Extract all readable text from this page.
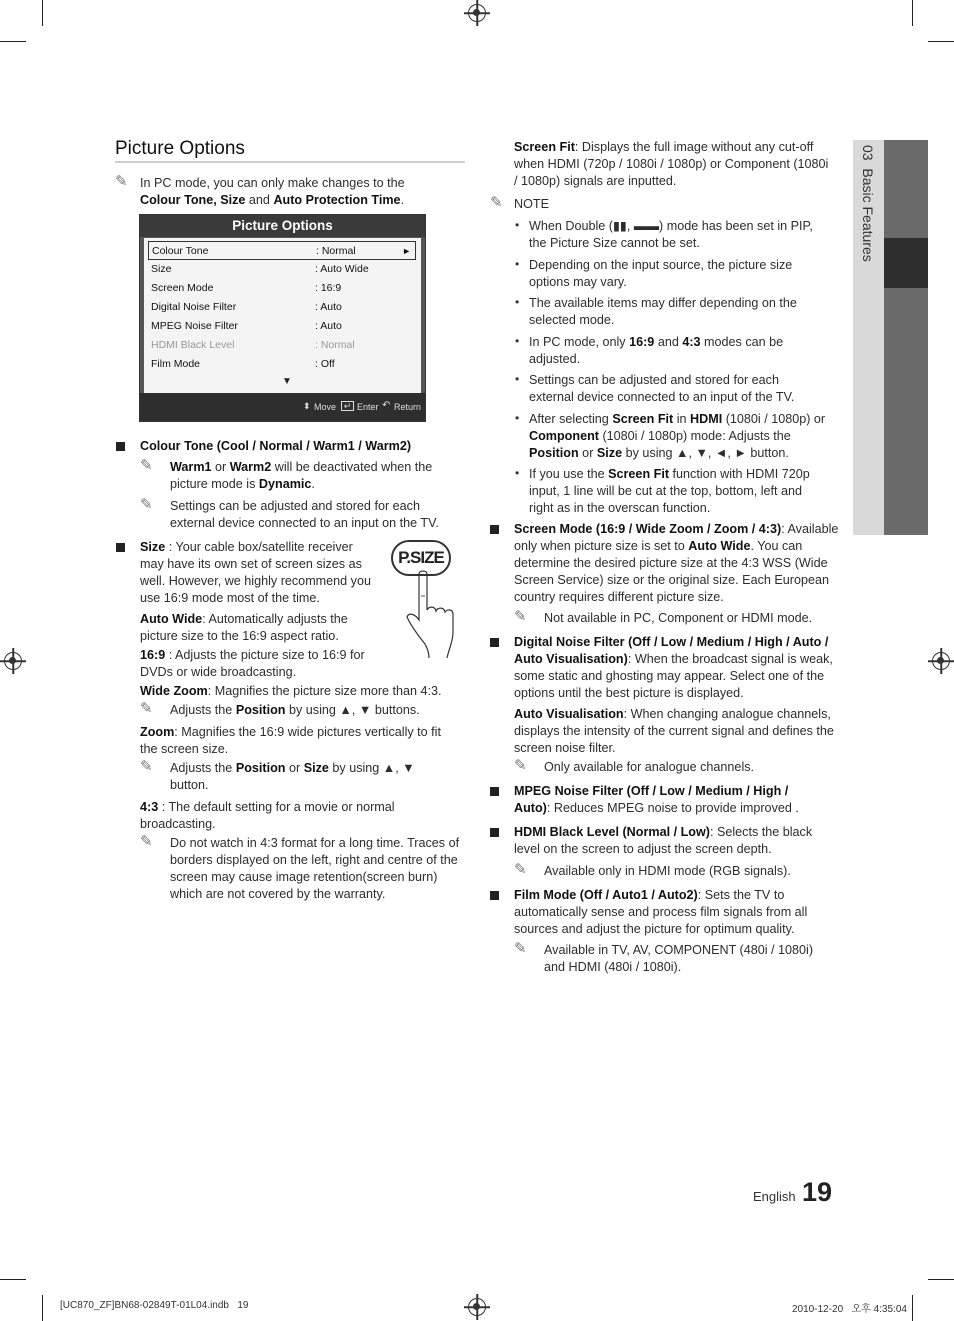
03  Basic Features
Picture Options
✎ In PC mode, you can only make changes to the Colour Tone, Size and Auto Protection Time.
Picture Options
Colour Tone	: Normal	►
Size	: Auto Wide
Screen Mode	: 16:9
Digital Noise Filter	: Auto
MPEG Noise Filter	: Auto
HDMI Black Level	: Normal
Film Mode	: Off
▼
⬍ Move ↵ Enter ↶ Return
Colour Tone (Cool / Normal / Warm1 / Warm2)
✎ Warm1 or Warm2 will be deactivated when the picture mode is Dynamic.
✎ Settings can be adjusted and stored for each external device connected to an input on the TV.
Size : Your cable box/satellite receiver may have its own set of screen sizes as well. However, we highly recommend you use 16:9 mode most of the time.
P.SIZE
Auto Wide: Automatically adjusts the picture size to the 16:9 aspect ratio.
16:9 : Adjusts the picture size to 16:9 for DVDs or wide broadcasting.
Wide Zoom: Magnifies the picture size more than 4:3.
✎ Adjusts the Position by using ▲, ▼ buttons.
Zoom: Magnifies the 16:9 wide pictures vertically to fit the screen size.
✎ Adjusts the Position or Size by using ▲, ▼ button.
4:3 : The default setting for a movie or normal broadcasting.
✎ Do not watch in 4:3 format for a long time. Traces of borders displayed on the left, right and centre of the screen may cause image retention(screen burn) which are not covered by the warranty.
Screen Fit: Displays the full image without any cut-off when HDMI (720p / 1080i / 1080p) or Component (1080i / 1080p) signals are inputted.
✎ NOTE
• When Double (▮▮, ▬▬) mode has been set in PIP, the Picture Size cannot be set.
• Depending on the input source, the picture size options may vary.
• The available items may differ depending on the selected mode.
• In PC mode, only 16:9 and 4:3 modes can be adjusted.
• Settings can be adjusted and stored for each external device connected to an input of the TV.
• After selecting Screen Fit in HDMI (1080i / 1080p) or Component (1080i / 1080p) mode: Adjusts the Position or Size by using ▲, ▼, ◄, ► button.
• If you use the Screen Fit function with HDMI 720p input, 1 line will be cut at the top, bottom, left and right as in the overscan function.
Screen Mode (16:9 / Wide Zoom / Zoom / 4:3): Available only when picture size is set to Auto Wide. You can determine the desired picture size at the 4:3 WSS (Wide Screen Service) size or the original size. Each European country requires different picture size.
✎ Not available in PC, Component or HDMI mode.
Digital Noise Filter (Off / Low / Medium / High / Auto / Auto Visualisation): When the broadcast signal is weak, some static and ghosting may appear. Select one of the options until the best picture is displayed.
Auto Visualisation: When changing analogue channels, displays the intensity of the current signal and defines the screen noise filter.
✎ Only available for analogue channels.
MPEG Noise Filter (Off / Low / Medium / High / Auto): Reduces MPEG noise to provide improved .
HDMI Black Level (Normal / Low): Selects the black level on the screen to adjust the screen depth.
✎ Available only in HDMI mode (RGB signals).
Film Mode (Off / Auto1 / Auto2): Sets the TV to automatically sense and process film signals from all sources and adjust the picture for optimum quality.
✎ Available in TV, AV, COMPONENT (480i / 1080i) and HDMI (480i / 1080i).
English 19
[UC870_ZF]BN68-02849T-01L04.indb   19	2010-12-20   오후 4:35:04
